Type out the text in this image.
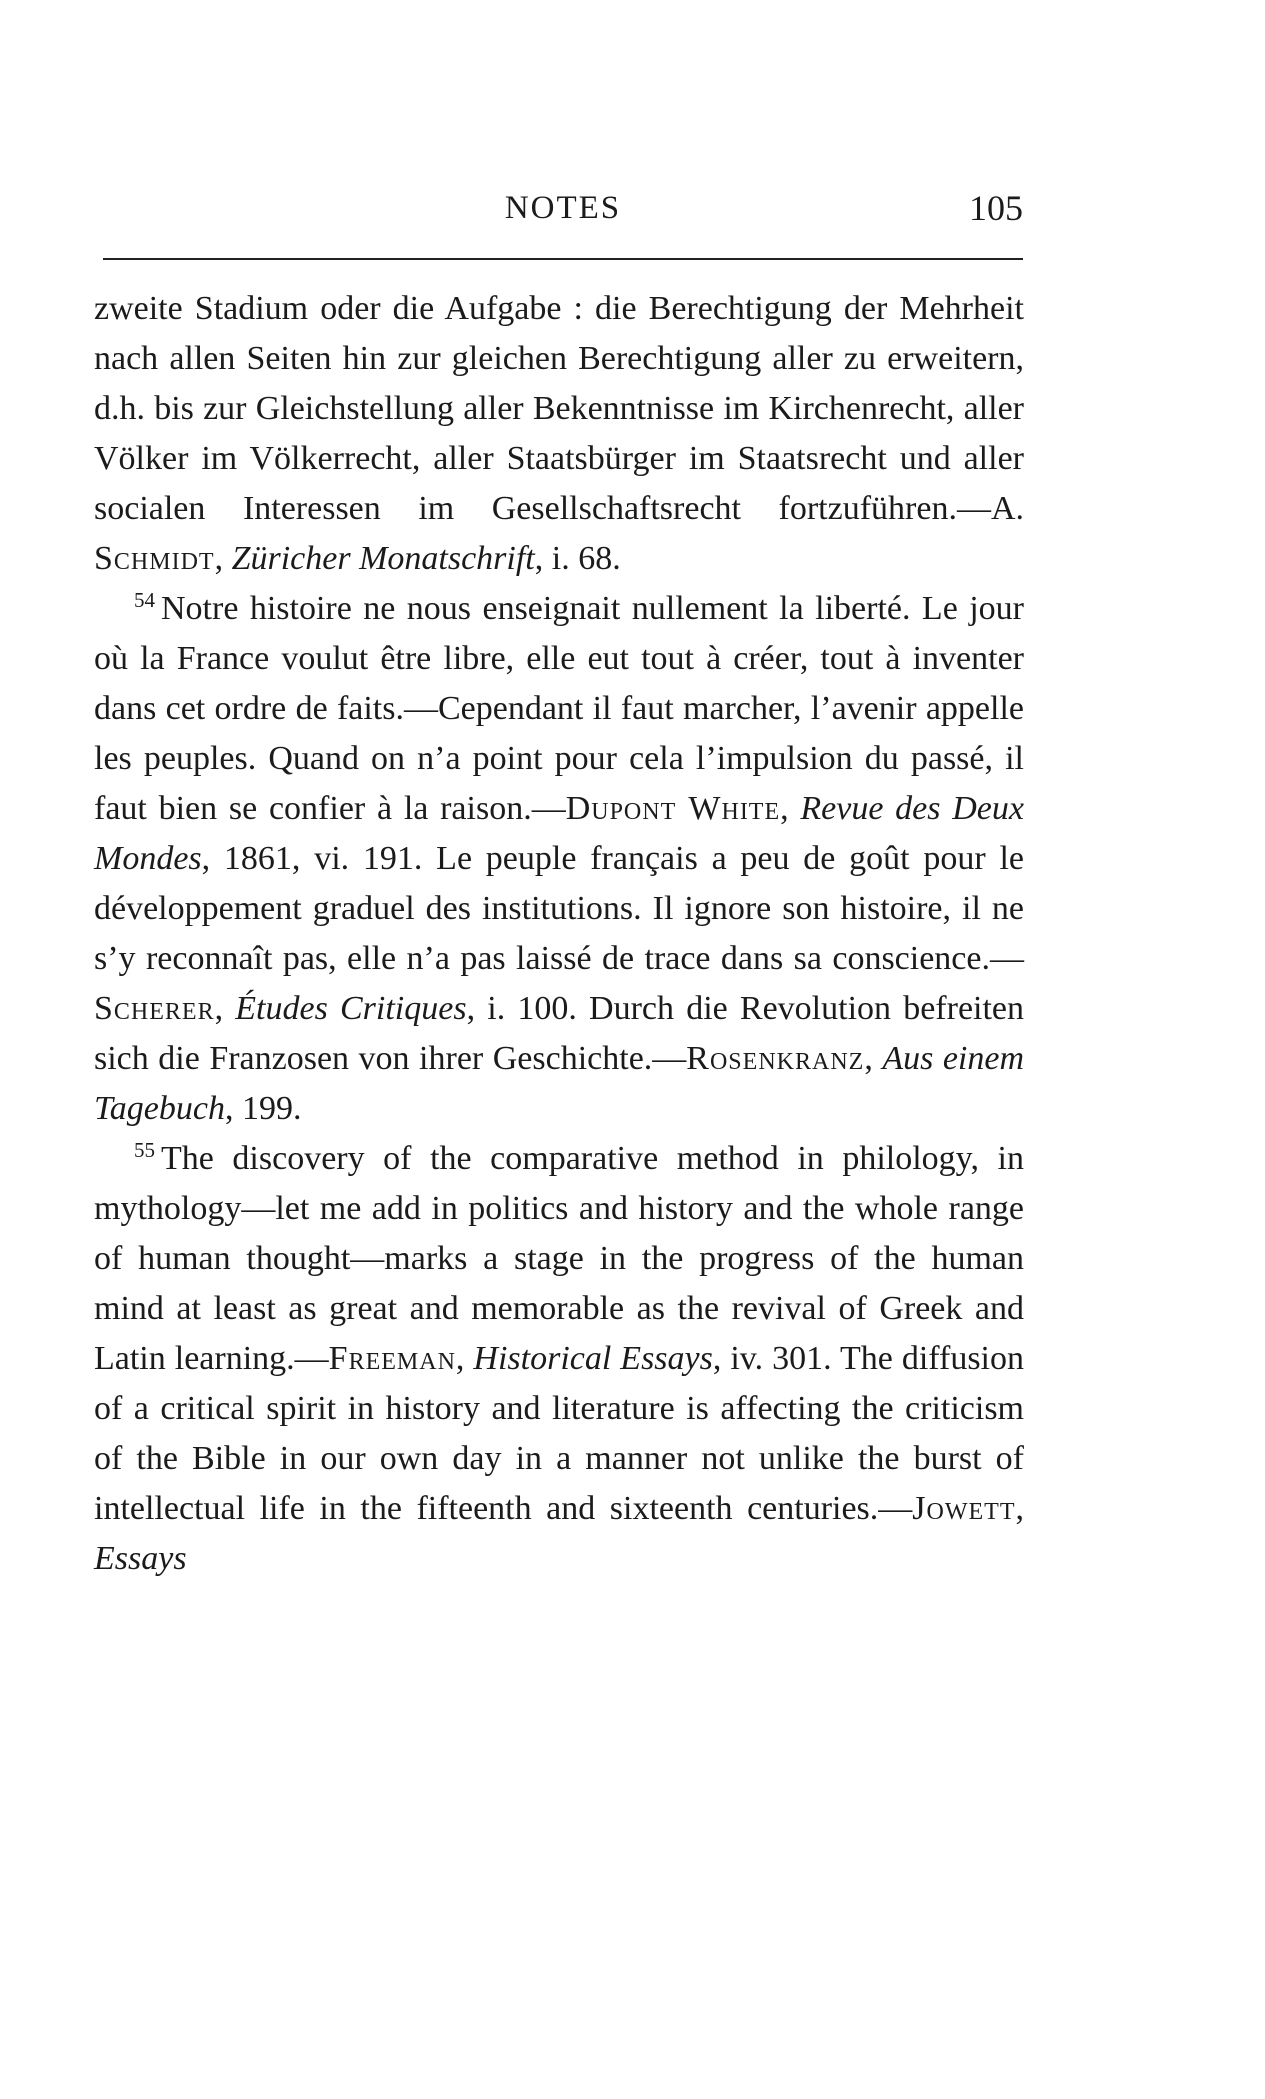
NOTES	105

zweite Stadium oder die Aufgabe : die Berechtigung der Mehrheit nach allen Seiten hin zur gleichen Berechtigung aller zu erweitern, d.h. bis zur Gleichstellung aller Bekenntnisse im Kirchenrecht, aller Völker im Völkerrecht, aller Staatsbürger im Staatsrecht und aller socialen Interessen im Gesellschaftsrecht fortzuführen.—A. Schmidt, Züricher Monatschrift, i. 68.

$^{54}$ Notre histoire ne nous enseignait nullement la liberté. Le jour où la France voulut être libre, elle eut tout à créer, tout à inventer dans cet ordre de faits.—Cependant il faut marcher, l’avenir appelle les peuples. Quand on n’a point pour cela l’impulsion du passé, il faut bien se confier à la raison.—Dupont White, Revue des Deux Mondes, 1861, vi. 191. Le peuple français a peu de goût pour le développement graduel des institutions. Il ignore son histoire, il ne s’y reconnaît pas, elle n’a pas laissé de trace dans sa conscience.—Scherer, Études Critiques, i. 100. Durch die Revolution befreiten sich die Franzosen von ihrer Geschichte.—Rosenkranz, Aus einem Tagebuch, 199.

$^{55}$ The discovery of the comparative method in philology, in mythology—let me add in politics and history and the whole range of human thought—marks a stage in the progress of the human mind at least as great and memorable as the revival of Greek and Latin learning.—Freeman, Historical Essays, iv. 301. The diffusion of a critical spirit in history and literature is affecting the criticism of the Bible in our own day in a manner not unlike the burst of intellectual life in the fifteenth and sixteenth centuries.—Jowett, Essays
